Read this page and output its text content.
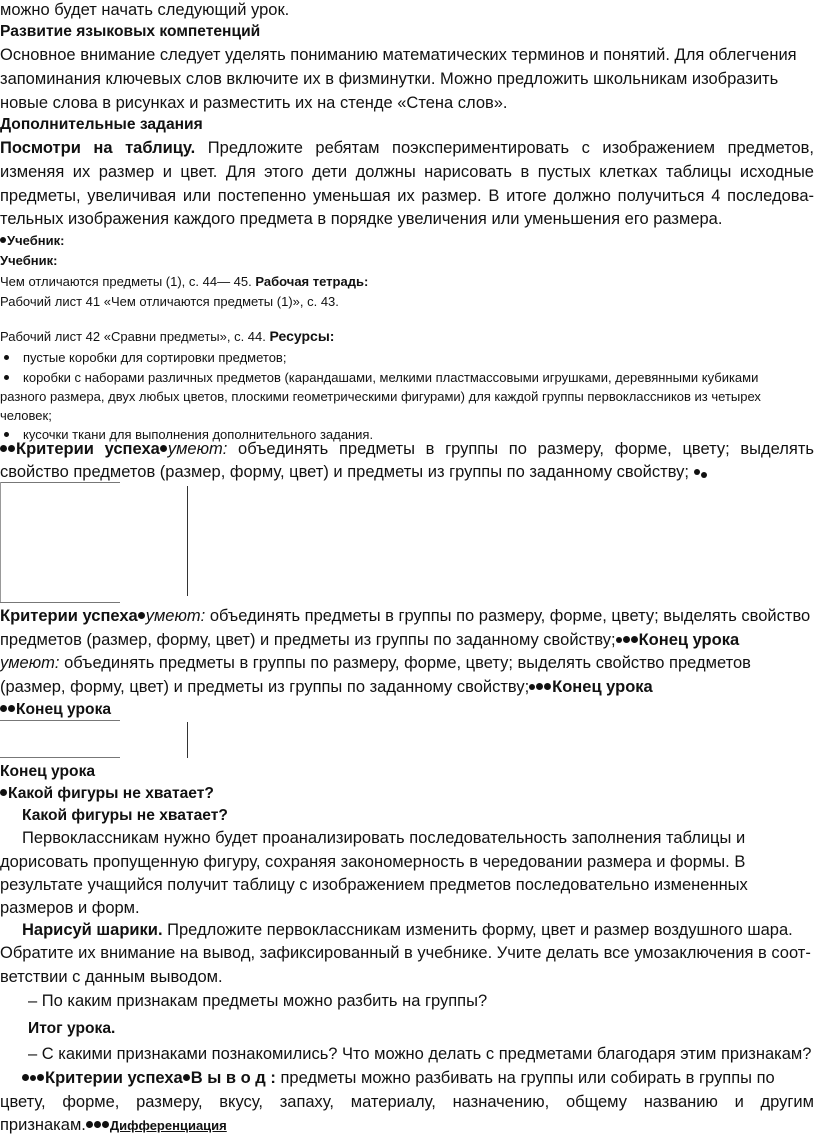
можно будет начать следующий урок.
Развитие языковых компетенций
Основное внимание следует уделять пониманию математических терминов и понятий. Для облегчения
запоминания ключевых слов включите их в физминутки. Можно предложить школьникам изобразить
новые слова в рисунках и разместить их на стенде «Стена слов».
Дополнительные задания
Посмотри на таблицу. Предложите ребятам поэкспериментировать с изображением предметов,
изменяя их размер и цвет. Для этого дети должны нарисовать в пустых клетках таблицы исходные
предметы, увеличивая или постепенно уменьшая их размер. В итоге должно получиться 4 последова-
тельных изображения каждого предмета в порядке увеличения или уменьшения его размера.
Учебник:
Учебник:
Чем отличаются предметы (1), с. 44— 45. Рабочая тетрадь:
Рабочий лист 41 «Чем отличаются предметы (1)», с. 43.
Рабочий лист 42 «Сравни предметы», с. 44. Ресурсы:
пустые коробки для сортировки предметов;
коробки с наборами различных предметов (карандашами, мелкими пластмассовыми игрушками, деревянными кубиками
разного размера, двух любых цветов, плоскими геометрическими фигурами) для каждой группы первоклассников из четырех
человек;
кусочки ткани для выполнения дополнительного задания.
Критерии успеха умеют: объединять предметы в группы по размеру, форме, цвету; выделять
свойство предметов (размер, форму, цвет) и предметы из группы по заданному свойству;
Критерии успеха умеют: объединять предметы в группы по размеру, форме, цвету; выделять свойство
предметов (размер, форму, цвет) и предметы из группы по заданному свойству; Конец урока
умеют: объединять предметы в группы по размеру, форме, цвету; выделять свойство предметов
(размер, форму, цвет) и предметы из группы по заданному свойству; Конец урока
Конец урока
Конец урока
Какой фигуры не хватает?
Какой фигуры не хватает?
Первоклассникам нужно будет проанализировать последовательность заполнения таблицы и
дорисовать пропущенную фигуру, сохраняя закономерность в чередовании размера и формы. В
результате учащийся получит таблицу с изображением предметов последовательно измененных
размеров и форм.
Нарисуй шарики. Предложите первоклассникам изменить форму, цвет и размер воздушного шара.
Обратите их внимание на вывод, зафиксированный в учебнике. Учите делать все умозаключения в соот-
ветствии с данным выводом.
– По каким признакам предметы можно разбить на группы?
Итог урока.
– С какими признаками познакомились? Что можно делать с предметами благодаря этим признакам?
Критерии успеха В ы в о д : предметы можно разбивать на группы или собирать в группы по
цвету, форме, размеру, вкусу, запаху, материалу, назначению, общему названию и другим
признакам. Дифференциация
